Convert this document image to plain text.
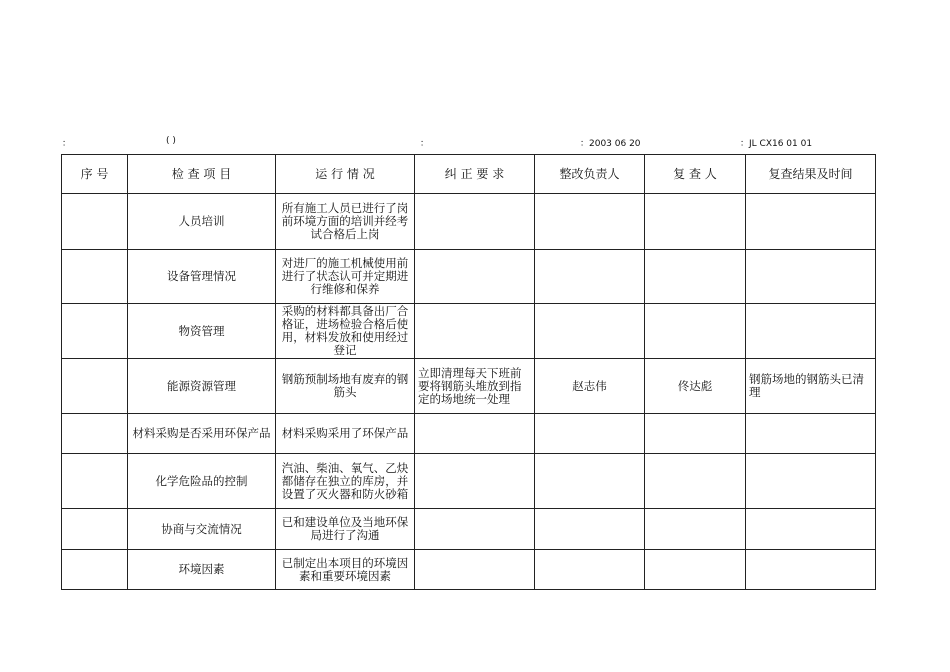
：	( )	：	：2003 06 20	：JL CX16 01 01
序 号	检 查 项 目	运 行 情 况	纠 正 要 求	整改负责人	复 查 人	复查结果及时间
	人员培训	所有施工人员已进行了岗前环境方面的培训并经考试合格后上岗				
	设备管理情况	对进厂的施工机械使用前进行了状态认可并定期进行维修和保养				
	物资管理	采购的材料都具备出厂合格证，进场检验合格后使用，材料发放和使用经过登记				
	能源资源管理	钢筋预制场地有废弃的钢筋头	立即清理每天下班前要将钢筋头堆放到指定的场地统一处理	赵志伟	佟达彪	钢筋场地的钢筋头已清理
	材料采购是否采用环保产品	材料采购采用了环保产品				
	化学危险品的控制	汽油、柴油、氧气、乙炔都储存在独立的库房，并设置了灭火器和防火砂箱				
	协商与交流情况	已和建设单位及当地环保局进行了沟通				
	环境因素	已制定出本项目的环境因素和重要环境因素				
